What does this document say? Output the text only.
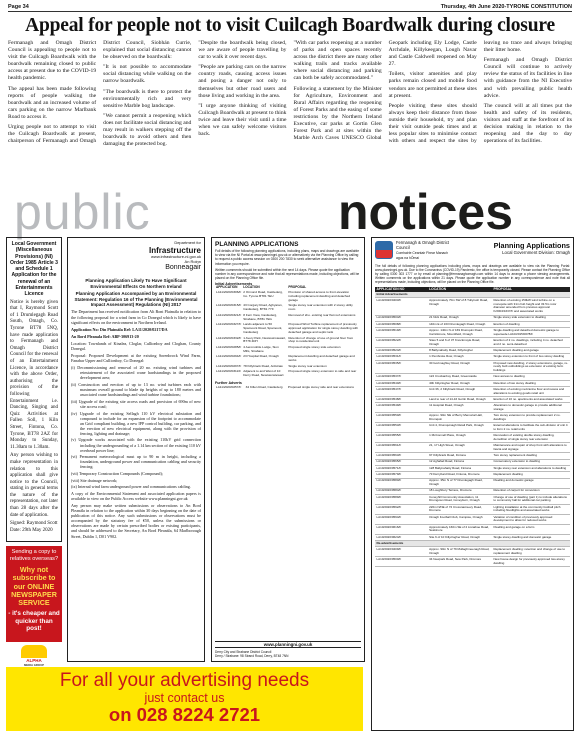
Page 34	Thursday, 4th June 2020-TYRONE CONSTITUTION
Appeal for people not to visit Cuilcagh Boardwalk during closure

Fermanagh and Omagh District Council is appealing to people not to visit the Cuilcagh Boardwalk with the boardwalk remaining closed to public access at present due to the COVID-19 health pandemic.

The appeal has been made following reports of people walking the boardwalk and an increased volume of cars parking on the narrow Marlbank Road to access it.

Urging people not to attempt to visit the Cuilcagh Boardwalk at present, chairperson of Fermanagh and Omagh District Council, Siobhán Currie, explained that social distancing cannot be observed on the boardwalk:

"It is not possible to accommodate social distancing while walking on the narrow boardwalk.

"The boardwalk is there to protect the environmentally rich and very sensitive Marble bog landscape.

"We cannot permit a reopening which does not facilitate social distancing and may result in walkers stepping off the boardwalk to avoid others and then damaging the protected bog.

"Despite the boardwalk being closed, we are aware of people travelling by car to walk it over recent days.

"People are parking cars on the narrow country roads, causing access issues and posing a danger not only to themselves but other road users and those living and working in the area.

"I urge anyone thinking of visiting Cuilcagh Boardwalk at present to think twice and leave their visit until a time when we can safely welcome visitors back.

"With car parks reopening at a number of parks and open spaces recently across the district there are many other walking trails and tracks available where social distancing and parking can both be safely accommodated."

Following a statement by the Minister for Agriculture, Environment and Rural Affairs regarding the reopening of Forest Parks and the easing of some restrictions by the Northern Ireland Executive, car parks at Gortin Glen Forest Park and at sites within the Marble Arch Caves UNESCO Global Geopark including Ely Lodge, Castle Archdale, Killykeegan, Lough Navar and Castle Caldwell reopened on May 27.

Toilets, visitor amenities and play parks remain closed and mobile food vendors are not permitted at these sites at present.

People visiting these sites should always keep their distance from those outside their household, try and plan their visit outside peak times and at less popular sites to minimise contact with others and respect the sites by leaving no trace and always bringing their litter home.

Fermanagh and Omagh District Council will continue to actively review the status of its facilities in line with guidance from the NI Executive and with prevailing public health advice.

The council will at all times put the health and safety of its residents, visitors and staff at the forefront of its decision making in relation to the reopening and the day to day operations of its facilities.

public	notices
Local Government (Miscellaneous Provisions) (NI) Order 1985 Article 3 and Schedule 1 Application for the renewal of an Entertainments Licence

Notice is hereby given that I, Raymond Scott of 1 Drumlegagh Road South, Omagh, Co. Tyrone BT78 5NQ, have made application to Fermanagh and Omagh District Council for the renewal of an Entertainment Licence, in accordance with the above Order, authorising the provision of the following Entertainment i.e. Dancing, Singing and Quiz Activities at Fallen Soll, 1 Kiln Street, Fintona, Co. Tyrone, BT78 2AZ for Monday to Sunday, 11.30am to 1.30am.

Any person wishing to make representation in relation to this application shall give notice to the Council, stating in general terms the nature of the representation, not later than 28 days after the date of application.

Signed: Raymond Scott

Date: 29th May 2020

Sending a copy to relatives overseas?
Why not subscribe to our ONLINE NEWSPAPER SERVICE
- it's cheaper and quicker than post!
ALPHA
MEDIA GROUP
Department for
Infrastructure
www.infrastructure-ni.gov.uk
An Roinn
Bonneagair
Planning Application Likely To Have Significant Environmental Effects On Northern Ireland
Planning Application Accompanied by an Environmental Statement: Regulation 16 of The Planning (Environmental Impact Assessment) Regulations (NI) 2017

The Department has received notification from Alt Bont Plaimála in relation to the following proposal for a wind farm in Co Donegal which is likely to have significant effects on the environment in Northern Ireland.

Application No: Din Plaimála Ref: LA11/2020/0217/DA

An Bord Pleanala Ref: ABP-306913-20

Location: Townlands of Kinalea, Cloglar, Cullionboy and Cloghan, County Donegal.

Proposal: Proposed Development at the existing Sorenbrock Wind Farm, Fanabar Upper and Cullionboy, Co Donegal:

(i) Decommissioning and removal of 20 no. existing wind turbines and reinstatement of the associated crane hardstandings in the proposed development area;
(ii) Construction and erection of up to 13 no. wind turbines each with maximum overall ground to blade tip heights of up to 180 metres and associated crane hardstandings and wind turbine foundations;
(iii) Upgrade of the existing site access roads and provision of 690m of new site access road;
(iv) Upgrade of the existing Sellagh 110 kV electrical substation and compound to include for an expansion of the footprint to accommodate an Grid compliant building, a new IPP control building, car parking, and the erection of new electrical equipment, along with the provision of fencing, lighting and drainage;
(v) Upgrade works associated with the existing 110kV grid connection including the undergrounding of a 1.14 km section of the existing 110 kV overhead power line;
(vi) Permanent meteorological mast up to 90 m in height, including a foundation, underground power and communication cabling and security fencing;
(vii) Temporary Construction Compounds (Compound);
(viii) Site drainage network;
(ix) Internal wind farm underground power and communications cabling.

A copy of the Environmental Statement and associated application papers is available to view on the Public Access website www.planningni.gov.uk

Any person may make written submissions or observations to An Bord Pleanála in relation to the application within 30 days beginning on the date of publication of this notice. Any such submissions or observations must be accompanied by the statutory fee of €50, unless the submissions or observations are made by certain prescribed bodies or existing participants, and should be addressed to the Secretary, An Bord Pleanála, 64 Marlborough Street, Dublin 1, D01 V902.

PLANNING APPLICATIONS
Full details of the following planning applications, including plans, maps and drawings are available to view via the NI Portal at www.planningni.gov.uk or alternatively via the Planning Office by calling to request a public access session on 0300 200 7830 to seek alternative assistance to view the information you require.
Written comments should be submitted within the next 14 days. Please quote the application number in any correspondence and note that all representations made, including objections, will be placed on the Planning Office file.
Initial Advertisements
APPLICATION	LOCATION	PROPOSAL
LA11/2020/0306/F	2 Ormond Road, Castlederg, Co. Tyrone BT81 7EU	Provision of shared access to front elevation including replacement dwelling and detached garage
LA11/2020/0315/F	43 Corgary Road, Aghyaran, Castlederg, BT81 7YF	Single storey rear extension with 2 storey utility room
LA11/2020/0321/F	8 Fern View, Castlederg, Strabane, BT81 7EG	Removal of 2no. existing rear flat roof extensions
LA11/2020/0327/F	Lands adjacent to 50 Spamount Road, Spamount, Castlederg	Proposed Wind Turbine replacement of previously approved application for single storey dwelling with detached garage and septic tank
LA11/2020/0332/F	1 Avery Park, Newtownstewart, BT78 4DH	Retention of change of use of ground floor from shop to residential unit
LA11/2020/0285/F	4 Aeromobile Lodge, Sion Mills, Strabane	Proposed single storey side extension
LA11/2020/0294/F	23 Hospital Road, Omagh	Replacement dwelling and detached garage and works
LA11/2020/0297/F	78 Killybrack Road, Ardstraw	Single storey rear extension
LA11/2020/0311/F	Adjacent to and West of 10 Derry Road, Newtownstewart	Proposed single storey extension to side and rear
Further Adverts
LA11/2020/0257/F	34 Killen Road, Castlederg	Proposed single storey side and rear extensions
www.planningni.gov.uk
Derry City and Strabane District Council
Derry / Strabane: 98 Strand Road, Derry, BT48 7NN
Fermanagh & Omagh District Council
Comhairle Ceantair Fhear Manach agus na hÓmaí
Planning Applications
Local Government Division: Omagh
The full details of following planning applications including plans, maps and drawings are available to view via the Planning Portal: www.planningni.gov.uk. Due to the Coronavirus (COVID-19) Pandemic, the office is temporarily closed. Please contact the Planning Office by calling 0300 303 1777 or by email at planning@fermanaghomagh.com within 14 days to arrange a phone viewing arrangements. Written comments on the applications within 21 days. Please quote the application number in any correspondence and note that all representations made, including objections, will be placed on the Planning Office file.
APPLICATION NO	LOCATION	PROPOSAL
Initial Advertisements		
LA10/2020/0403/F	Approximately 70m SW of 8 Tullyrush Road, Omagh	Retention of existing 150kW wind turbine on a monopole with 31m hub height and 33.5m rotor diameter amended from previous approval K/2004/1637/F and associated works
LA10/2020/0504/F	21 Nick Road, Omagh	Single storey side extension to dwelling
LA10/2020/0508/F	140m E of 163 Drumlegagh Road, Omagh	Erection of dwelling
LA10/2020/0519/F	Approx. 140m N of 169 Drumquin Road, Carrickmore, Mountfield, Omagh	Single dwelling and detached domestic garage to supersede LA10/2015/0078/F
LA10/2020/0522/F	Sites 5 and 6 of 37 Knockmoyle Road, Omagh	Erection of 2 no. dwellings, including 4 no. detached and 2 no. semi-detached
LA10/2020/0524/F	8 Ballynahatty Road, Killyclogher	Replacement dwelling and garage
LA10/2020/0531/F	1 Pembroke Row, Omagh	Single storey extension to front of two storey dwelling
LA10/2020/0535/F	30 Gortmaghley Road, Omagh	Proposed new dwelling, 2 storey extensions, garage, re-newly built outbuildings as extension of existing farm buildings
LA10/2020/0537/F	122 Crockanboy Road, Greencastle	New access to dwelling
LA10/2020/0540/F	40b Killyclogher Road, Omagh	Retention of two storey dwelling
LA10/2020/0547/F	Unit 36, 2 Killybrack Road, Omagh	Retention of existing mezzanine floor and recess and alterations to existing goods retail unit
LA10/2020/0548/F	Land to rear of 14-16 Gortin Road, Omagh	Erection of 10 no. apartments and associated works
LA10/2020/0549/F	11 Hospital Road, Omagh	Alterations to domestic garage to provide additional storage
LA10/2020/0550/F	Approx. 90m NE of Berry Memorial Hall, Drumquin	Two storey extension to provide replacement 2 no. dwellings
LA10/2020/0553/F	Unit 4, Drumquinagh Retail Park, Omagh	External alterations to facilitate the sub-division of unit 4 to form 2 no. retail units
LA10/2020/0555/F	1 McConnell Place, Omagh	Renovation of existing double storey dwelling, demolition of single storey rear extension
LA10/2020/0561/F	21, 17 High Street, Omagh	Maintenance and repair of shop front with alterations to fascia and signage
LA10/2020/0563/F	97 Killybrack Road, Fintona	Two storey replacement dwelling
LA10/2020/0565/F	12 Aghafad Road, Fintona	Conservatory extension to dwelling
LA10/2020/0571/F	128 Ballynahatty Road, Fintona	Single storey rear extension and alterations to dwelling
LA10/2020/0579/F	73 Derrybard Road, Fintona, Dromore	Replacement dwelling
LA10/2020/0580/F	Approx. 35m N of 77 Drumlegagh Road, Omagh	Dwelling and domestic garage
LA10/2020/0584/F	18 Loughbury Terrace, Dromore	Retention of carport for conversion
LA10/2020/0589/F	Coneyhill Community Association, 11 Drumgown Road, Coneyburn, Omagh	Change of use of dwelling (part 1) to include alterations to community hall for additional car parking
LA10/2020/0592/F	220m N/NE of 72 Crossnacreevy Road, Dromore	Lighting installation at the community football pitch including floodlights and associated works
LA10/2020/0594/F	Omagh Football Club, Campsie, Omagh	Variation of condition of previously approved development to allow for reduced works
LA10/2020/0616/F	Approximately 160m SE of 2 Lisnaboe Road, Seskinore	Dwelling and garage on a farm
LA10/2020/0624/F	Site 6 of 10 Killyclogher Road, Omagh	Single storey dwelling and domestic garage
Re-advertisements		
LA10/2020/0409/F	Approx. 90m N of 79 Mullaghmeenagh Road, Omagh	Replacement dwelling: retention and change of use to replacement dwelling
LA10/2020/0500/F	34 Newpark Road, New Park, Dromore	New house design for previously approved two-storey dwelling
For all your advertising needs
just contact us
on 028 8224 2721
